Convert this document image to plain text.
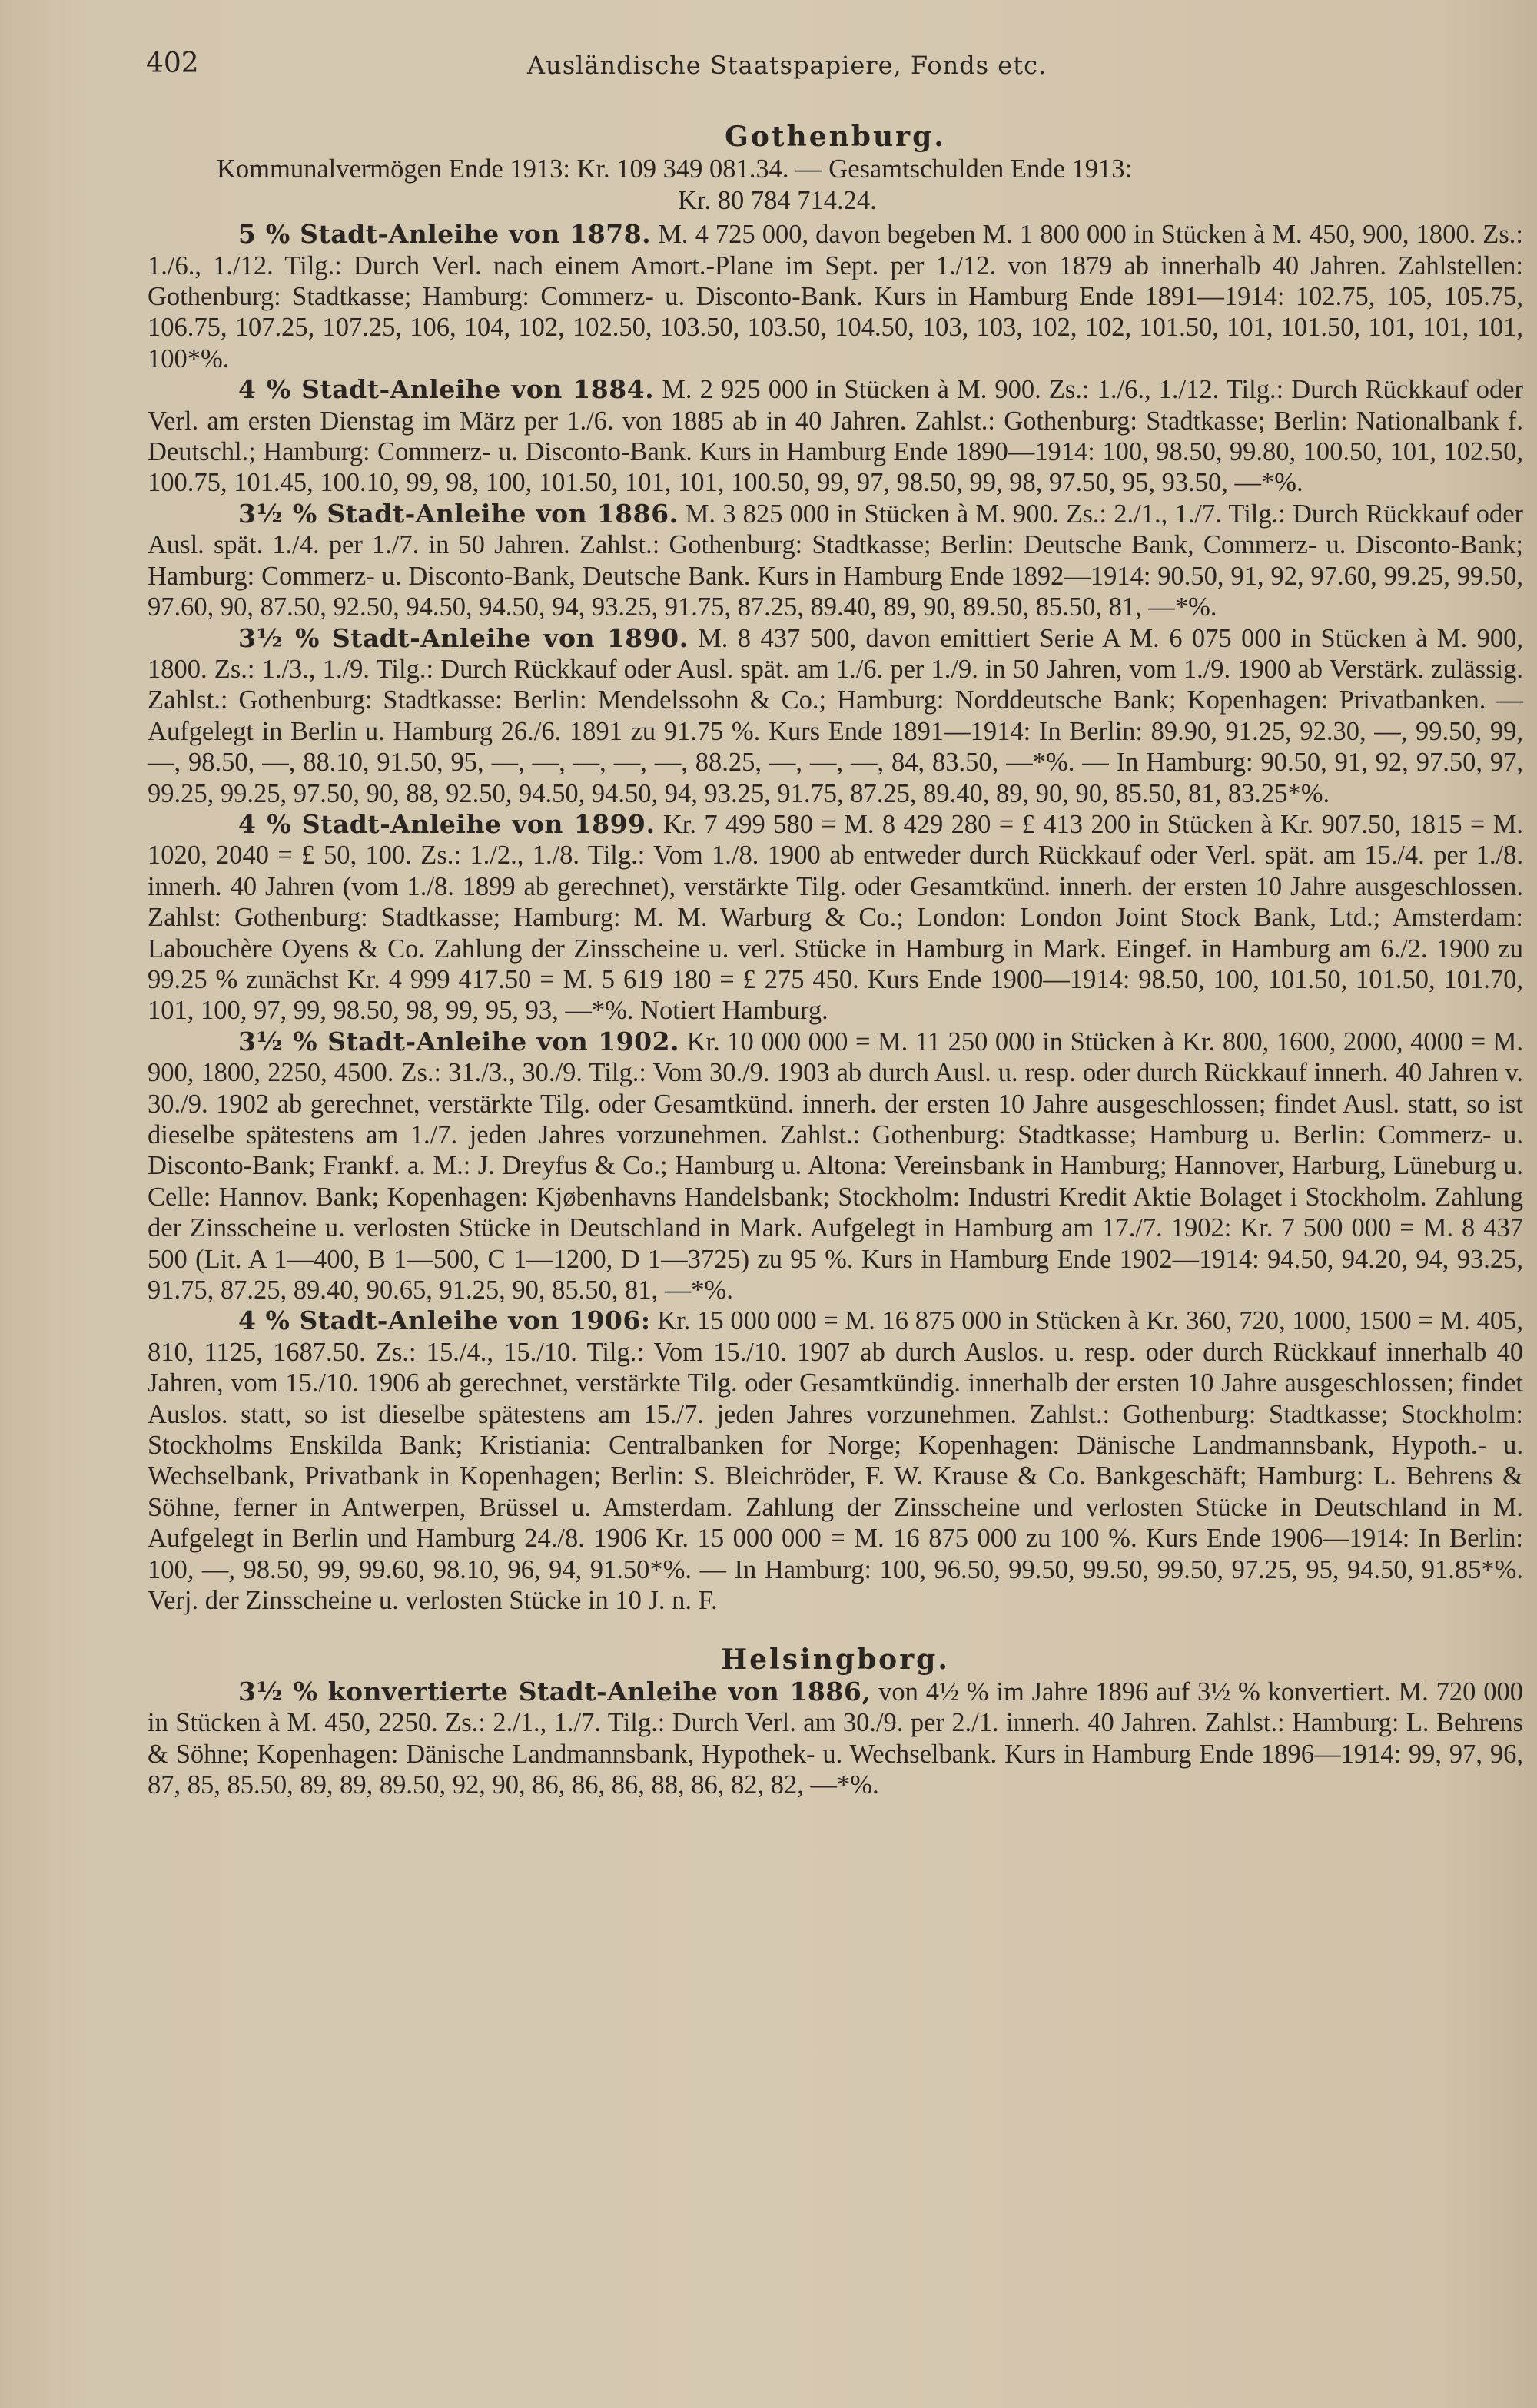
402	Ausländische Staatspapiere, Fonds etc.
Gothenburg.

Kommunalvermögen Ende 1913: Kr. 109 349 081.34. — Gesamtschulden Ende 1913:
Kr. 80 784 714.24.

5 % Stadt-Anleihe von 1878. M. 4 725 000, davon begeben M. 1 800 000 in Stücken à M. 450, 900, 1800. Zs.: 1./6., 1./12. Tilg.: Durch Verl. nach einem Amort.-Plane im Sept. per 1./12. von 1879 ab innerhalb 40 Jahren. Zahlstellen: Gothenburg: Stadtkasse; Hamburg: Commerz- u. Disconto-Bank. Kurs in Hamburg Ende 1891—1914: 102.75, 105, 105.75, 106.75, 107.25, 107.25, 106, 104, 102, 102.50, 103.50, 103.50, 104.50, 103, 103, 102, 102, 101.50, 101, 101.50, 101, 101, 101, 100*%.

4 % Stadt-Anleihe von 1884. M. 2 925 000 in Stücken à M. 900. Zs.: 1./6., 1./12. Tilg.: Durch Rückkauf oder Verl. am ersten Dienstag im März per 1./6. von 1885 ab in 40 Jahren. Zahlst.: Gothenburg: Stadtkasse; Berlin: Nationalbank f. Deutschl.; Hamburg: Commerz- u. Disconto-Bank. Kurs in Hamburg Ende 1890—1914: 100, 98.50, 99.80, 100.50, 101, 102.50, 100.75, 101.45, 100.10, 99, 98, 100, 101.50, 101, 101, 100.50, 99, 97, 98.50, 99, 98, 97.50, 95, 93.50, —*%.

3½ % Stadt-Anleihe von 1886. M. 3 825 000 in Stücken à M. 900. Zs.: 2./1., 1./7. Tilg.: Durch Rückkauf oder Ausl. spät. 1./4. per 1./7. in 50 Jahren. Zahlst.: Gothenburg: Stadtkasse; Berlin: Deutsche Bank, Commerz- u. Disconto-Bank; Hamburg: Commerz- u. Disconto-Bank, Deutsche Bank. Kurs in Hamburg Ende 1892—1914: 90.50, 91, 92, 97.60, 99.25, 99.50, 97.60, 90, 87.50, 92.50, 94.50, 94.50, 94, 93.25, 91.75, 87.25, 89.40, 89, 90, 89.50, 85.50, 81, —*%.

3½ % Stadt-Anleihe von 1890. M. 8 437 500, davon emittiert Serie A M. 6 075 000 in Stücken à M. 900, 1800. Zs.: 1./3., 1./9. Tilg.: Durch Rückkauf oder Ausl. spät. am 1./6. per 1./9. in 50 Jahren, vom 1./9. 1900 ab Verstärk. zulässig. Zahlst.: Gothenburg: Stadtkasse: Berlin: Mendelssohn & Co.; Hamburg: Norddeutsche Bank; Kopenhagen: Privatbanken. — Aufgelegt in Berlin u. Hamburg 26./6. 1891 zu 91.75 %. Kurs Ende 1891—1914: In Berlin: 89.90, 91.25, 92.30, —, 99.50, 99, —, 98.50, —, 88.10, 91.50, 95, —, —, —, —, —, 88.25, —, —, —, 84, 83.50, —*%. — In Hamburg: 90.50, 91, 92, 97.50, 97, 99.25, 99.25, 97.50, 90, 88, 92.50, 94.50, 94.50, 94, 93.25, 91.75, 87.25, 89.40, 89, 90, 90, 85.50, 81, 83.25*%.

4 % Stadt-Anleihe von 1899. Kr. 7 499 580 = M. 8 429 280 = £ 413 200 in Stücken à Kr. 907.50, 1815 = M. 1020, 2040 = £ 50, 100. Zs.: 1./2., 1./8. Tilg.: Vom 1./8. 1900 ab entweder durch Rückkauf oder Verl. spät. am 15./4. per 1./8. innerh. 40 Jahren (vom 1./8. 1899 ab gerechnet), verstärkte Tilg. oder Gesamtkünd. innerh. der ersten 10 Jahre ausgeschlossen. Zahlst: Gothenburg: Stadtkasse; Hamburg: M. M. Warburg & Co.; London: London Joint Stock Bank, Ltd.; Amsterdam: Labouchère Oyens & Co. Zahlung der Zinsscheine u. verl. Stücke in Hamburg in Mark. Eingef. in Hamburg am 6./2. 1900 zu 99.25 % zunächst Kr. 4 999 417.50 = M. 5 619 180 = £ 275 450. Kurs Ende 1900—1914: 98.50, 100, 101.50, 101.50, 101.70, 101, 100, 97, 99, 98.50, 98, 99, 95, 93, —*%. Notiert Hamburg.

3½ % Stadt-Anleihe von 1902. Kr. 10 000 000 = M. 11 250 000 in Stücken à Kr. 800, 1600, 2000, 4000 = M. 900, 1800, 2250, 4500. Zs.: 31./3., 30./9. Tilg.: Vom 30./9. 1903 ab durch Ausl. u. resp. oder durch Rückkauf innerh. 40 Jahren v. 30./9. 1902 ab gerechnet, verstärkte Tilg. oder Gesamtkünd. innerh. der ersten 10 Jahre ausgeschlossen; findet Ausl. statt, so ist dieselbe spätestens am 1./7. jeden Jahres vorzunehmen. Zahlst.: Gothenburg: Stadtkasse; Hamburg u. Berlin: Commerz- u. Disconto-Bank; Frankf. a. M.: J. Dreyfus & Co.; Hamburg u. Altona: Vereinsbank in Hamburg; Hannover, Harburg, Lüneburg u. Celle: Hannov. Bank; Kopenhagen: Kjøbenhavns Handelsbank; Stockholm: Industri Kredit Aktie Bolaget i Stockholm. Zahlung der Zinsscheine u. verlosten Stücke in Deutschland in Mark. Aufgelegt in Hamburg am 17./7. 1902: Kr. 7 500 000 = M. 8 437 500 (Lit. A 1—400, B 1—500, C 1—1200, D 1—3725) zu 95 %. Kurs in Hamburg Ende 1902—1914: 94.50, 94.20, 94, 93.25, 91.75, 87.25, 89.40, 90.65, 91.25, 90, 85.50, 81, —*%.

4 % Stadt-Anleihe von 1906: Kr. 15 000 000 = M. 16 875 000 in Stücken à Kr. 360, 720, 1000, 1500 = M. 405, 810, 1125, 1687.50. Zs.: 15./4., 15./10. Tilg.: Vom 15./10. 1907 ab durch Auslos. u. resp. oder durch Rückkauf innerhalb 40 Jahren, vom 15./10. 1906 ab gerechnet, verstärkte Tilg. oder Gesamtkündig. innerhalb der ersten 10 Jahre ausgeschlossen; findet Auslos. statt, so ist dieselbe spätestens am 15./7. jeden Jahres vorzunehmen. Zahlst.: Gothenburg: Stadtkasse; Stockholm: Stockholms Enskilda Bank; Kristiania: Centralbanken for Norge; Kopenhagen: Dänische Landmannsbank, Hypoth.- u. Wechselbank, Privatbank in Kopenhagen; Berlin: S. Bleichröder, F. W. Krause & Co. Bankgeschäft; Hamburg: L. Behrens & Söhne, ferner in Antwerpen, Brüssel u. Amsterdam. Zahlung der Zinsscheine und verlosten Stücke in Deutschland in M. Aufgelegt in Berlin und Hamburg 24./8. 1906 Kr. 15 000 000 = M. 16 875 000 zu 100 %. Kurs Ende 1906—1914: In Berlin: 100, —, 98.50, 99, 99.60, 98.10, 96, 94, 91.50*%. — In Hamburg: 100, 96.50, 99.50, 99.50, 99.50, 97.25, 95, 94.50, 91.85*%. Verj. der Zinsscheine u. verlosten Stücke in 10 J. n. F.

Helsingborg.

3½ % konvertierte Stadt-Anleihe von 1886, von 4½ % im Jahre 1896 auf 3½ % konvertiert. M. 720 000 in Stücken à M. 450, 2250. Zs.: 2./1., 1./7. Tilg.: Durch Verl. am 30./9. per 2./1. innerh. 40 Jahren. Zahlst.: Hamburg: L. Behrens & Söhne; Kopenhagen: Dänische Landmannsbank, Hypothek- u. Wechselbank. Kurs in Hamburg Ende 1896—1914: 99, 97, 96, 87, 85, 85.50, 89, 89, 89.50, 92, 90, 86, 86, 86, 88, 86, 82, 82, —*%.
